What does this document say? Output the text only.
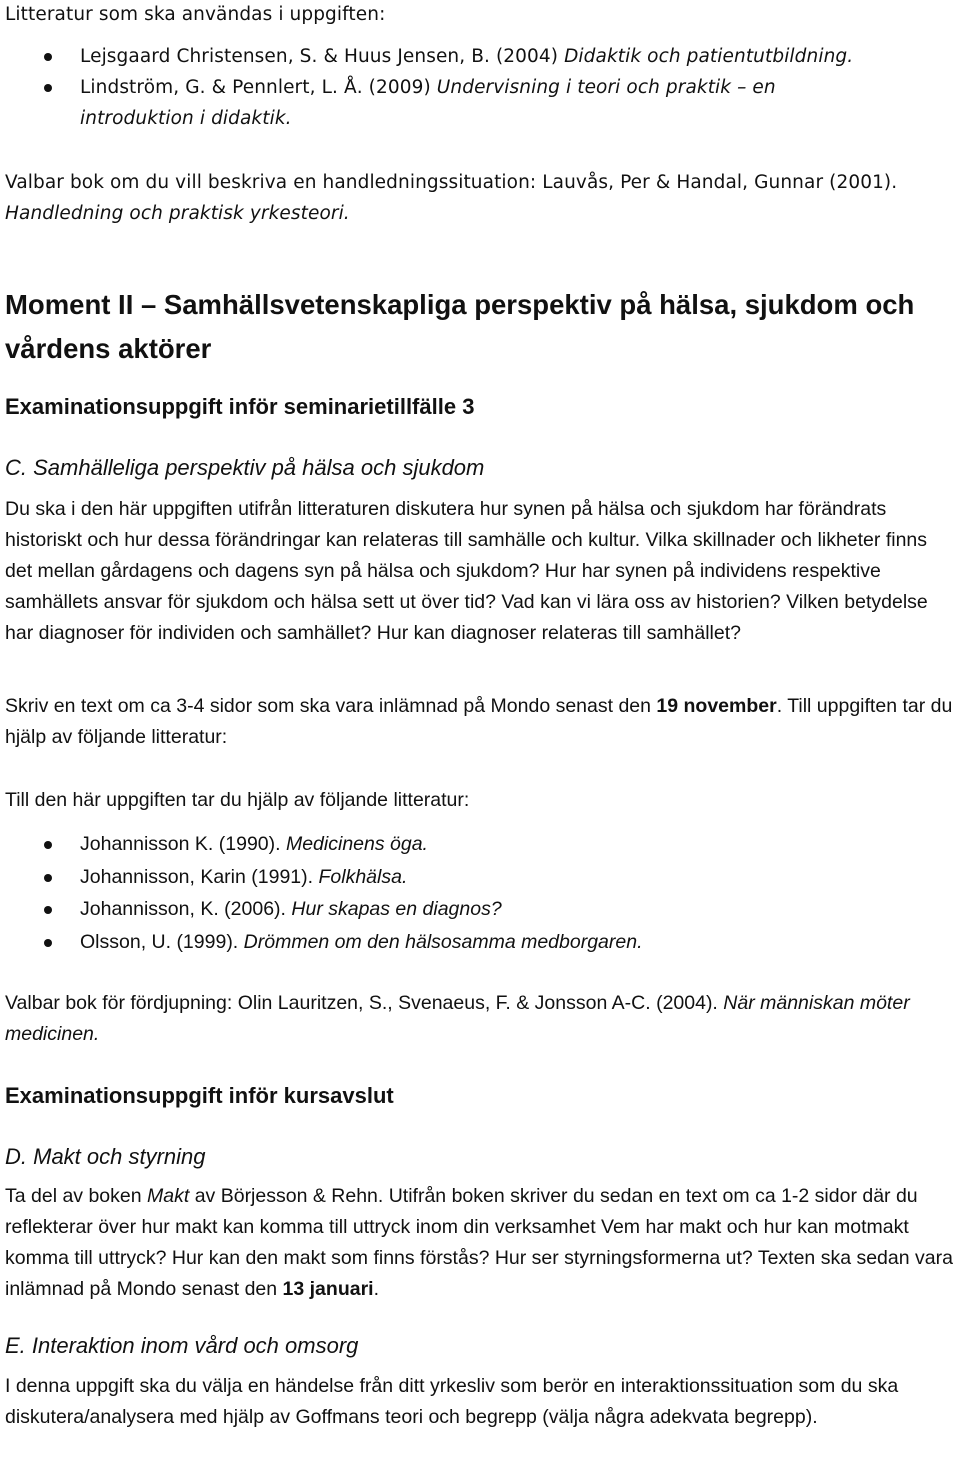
Litteratur som ska användas i uppgiften:

Lejsgaard Christensen, S. & Huus Jensen, B. (2004) Didaktik och patientutbildning.
Lindström, G. & Pennlert, L. Å. (2009) Undervisning i teori och praktik – en introduktion i didaktik.

Valbar bok om du vill beskriva en handledningssituation: Lauvås, Per & Handal, Gunnar (2001). Handledning och praktisk yrkesteori.

Moment II – Samhällsvetenskapliga perspektiv på hälsa, sjukdom och vårdens aktörer
Examinationsuppgift inför seminarietillfälle 3
C. Samhälleliga perspektiv på hälsa och sjukdom

Du ska i den här uppgiften utifrån litteraturen diskutera hur synen på hälsa och sjukdom har förändrats historiskt och hur dessa förändringar kan relateras till samhälle och kultur. Vilka skillnader och likheter finns det mellan gårdagens och dagens syn på hälsa och sjukdom? Hur har synen på individens respektive samhällets ansvar för sjukdom och hälsa sett ut över tid? Vad kan vi lära oss av historien? Vilken betydelse har diagnoser för individen och samhället? Hur kan diagnoser relateras till samhället?

Skriv en text om ca 3-4 sidor som ska vara inlämnad på Mondo senast den 19 november. Till uppgiften tar du hjälp av följande litteratur:

Till den här uppgiften tar du hjälp av följande litteratur:

Johannisson K. (1990). Medicinens öga.
Johannisson, Karin (1991). Folkhälsa.
Johannisson, K. (2006). Hur skapas en diagnos?
Olsson, U. (1999). Drömmen om den hälsosamma medborgaren.

Valbar bok för fördjupning: Olin Lauritzen, S., Svenaeus, F. & Jonsson A-C. (2004). När människan möter medicinen.

Examinationsuppgift inför kursavslut
D. Makt och styrning

Ta del av boken Makt av Börjesson & Rehn. Utifrån boken skriver du sedan en text om ca 1-2 sidor där du reflekterar över hur makt kan komma till uttryck inom din verksamhet Vem har makt och hur kan motmakt komma till uttryck? Hur kan den makt som finns förstås? Hur ser styrningsformerna ut? Texten ska sedan vara inlämnad på Mondo senast den 13 januari.

E. Interaktion inom vård och omsorg

I denna uppgift ska du välja en händelse från ditt yrkesliv som berör en interaktionssituation som du ska diskutera/analysera med hjälp av Goffmans teori och begrepp (välja några adekvata begrepp).
